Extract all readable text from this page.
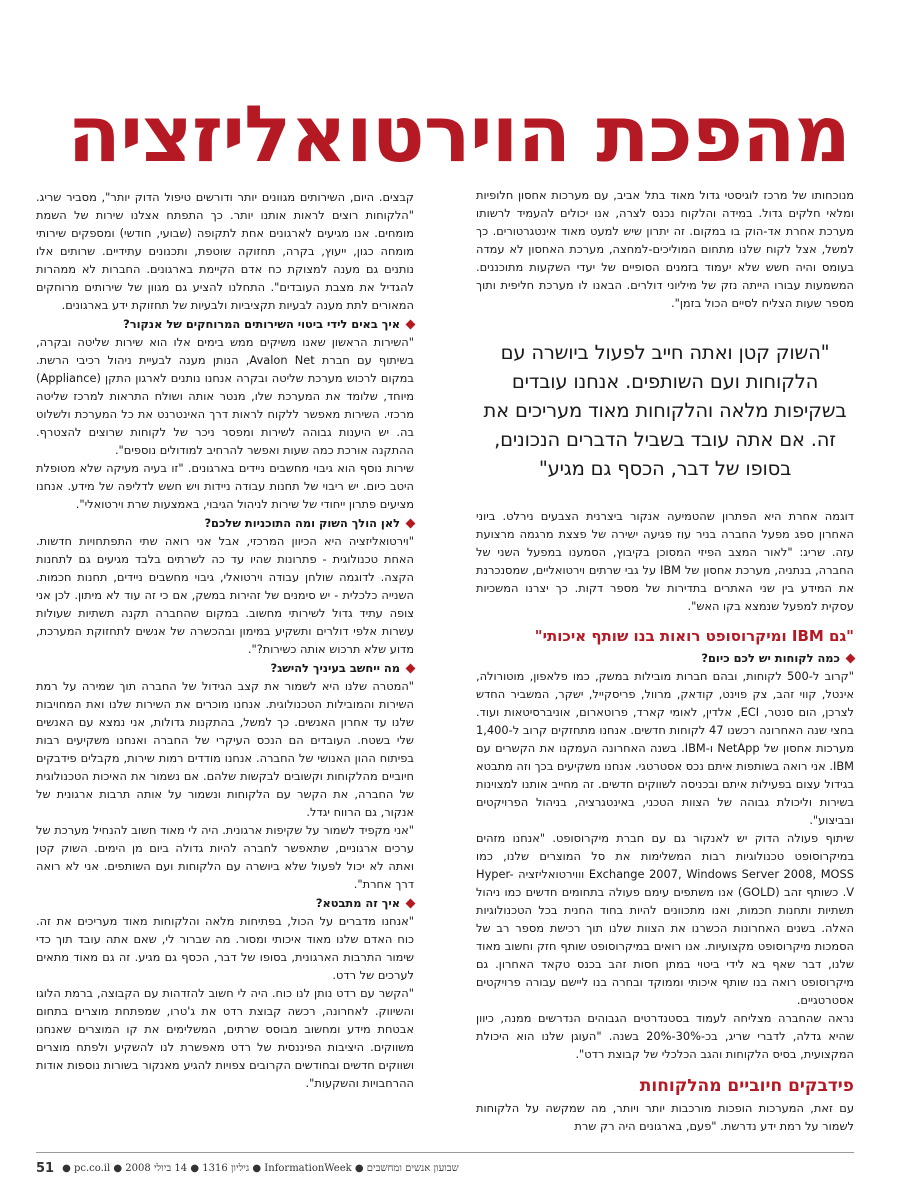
מהפכת הוירטואליזציה

מנוכחותו של מרכז לוגיסטי גדול מאוד בתל אביב, עם מערכות אחסון חלופיות ומלאי חלקים גדול. במידה והלקוח נכנס לצרה, אנו יכולים להעמיד לרשותו מערכת אחרת אד-הוק בו במקום. זה יתרון שיש למעט מאוד אינטגרטורים. כך למשל, אצל לקוח שלנו מתחום המוליכים-למחצה, מערכת האחסון לא עמדה בעומס והיה חשש שלא יעמוד בזמנים הסופיים של יעדי השקעות מתוכננים. המשמעות עבורו הייתה נזק של מיליוני דולרים. הבאנו לו מערכת חליפית ותוך מספר שעות הצליח לסיים הכול בזמן".

"השוק קטן ואתה חייב לפעול ביושרה עם הלקוחות ועם השותפים. אנחנו עובדים בשקיפות מלאה והלקוחות מאוד מעריכים את זה. אם אתה עובד בשביל הדברים הנכונים, בסופו של דבר, הכסף גם מגיע"

דוגמה אחרת היא הפתרון שהטמיעה אנקור ביצרנית הצבעים נירלט. ביוני האחרון ספג מפעל החברה בניר עוז פגיעה ישירה של פצצת מרגמה מרצועת עזה. שריג: "לאור המצב הפיזי המסוכן בקיבוץ, הסמענו במפעל השני של החברה, בנתניה, מערכת אחסון של IBM על גבי שרתים וירטואליים, שמסנכרנת את המידע בין שני האתרים בתדירות של מספר דקות. כך יצרנו המשכיות עסקית למפעל שנמצא בקו האש".

"גם IBM ומיקרוסופט רואות בנו שותף איכותי"
כמה לקוחות יש לכם כיום?

"קרוב ל-500 לקוחות, ובהם חברות מובילות במשק, כמו פלאפון, מוטורולה, אינטל, קווי זהב, צק פוינט, קודאק, מרוול, פריסקייל, ישקר, המשביר החדש לצרכן, הום סנטר, ECI, אלדין, לאומי קארד, פרוטארום, אוניברסיטאות ועוד. בחצי שנה האחרונה רכשנו 47 לקוחות חדשים. אנחנו מתחזקים קרוב ל-1,400 מערכות אחסון של NetApp ו-IBM. בשנה האחרונה העמקנו את הקשרים עם IBM. אני רואה בשותפות איתם נכס אסטרטגי. אנחנו משקיעים בכך וזה מתבטא בגידול עצום בפעילות איתם ובכניסה לשווקים חדשים. זה מחייב אותנו למצוינות בשירות וליכולת גבוהה של הצוות הטכני, באינטגרציה, בניהול הפרויקטים ובביצוע".

שיתוף פעולה הדוק יש לאנקור גם עם חברת מיקרוסופט. "אנחנו מזהים במיקרוסופט טכנולוגיות רבות המשלימות את סל המוצרים שלנו, כמו Exchange 2007, Windows Server 2008, MOSS וווירטואליזציה Hyper-V. כשותף זהב (GOLD) אנו משתפים עימם פעולה בתחומים חדשים כמו ניהול תשתיות ותחנות חכמות, ואנו מתכוונים להיות בחוד החנית בכל הטכנולוגיות האלה. בשנים האחרונות הכשרנו את הצוות שלנו תוך רכישת מספר רב של הסמכות מיקרוסופט מקצועיות. אנו רואים במיקרוסופט שותף חזק וחשוב מאוד שלנו, דבר שאף בא לידי ביטוי במתן חסות זהב בכנס טקאד האחרון. גם מיקרוסופט רואה בנו שותף איכותי וממוקד ובחרה בנו ליישם עבורה פרויקטים אסטרטגיים.

נראה שהחברה מצליחה לעמוד בסטנדרטים הגבוהים הנדרשים ממנה, כיוון שהיא גדלה, לדברי שריג, בכ-30%-20% בשנה. "העוגן שלנו הוא היכולת המקצועית, בסיס הלקוחות והגב הכלכלי של קבוצת רדט".

פידבקים חיוביים מהלקוחות

עם זאת, המערכות הופכות מורכבות יותר ויותר, מה שמקשה על הלקוחות לשמור על רמת ידע נדרשת. "פעם, בארגונים היה רק שרת

קבצים. היום, השירותים מגוונים יותר ודורשים טיפול הדוק יותר", מסביר שריג. "הלקוחות רוצים לראות אותנו יותר. כך התפתח אצלנו שירות של השמת מומחים. אנו מגיעים לארגונים אחת לתקופה (שבועי, חודשי) ומספקים שירותי מומחה כגון, ייעוץ, בקרה, תחזוקה שוטפת, ותכנונים עתידיים. שרותים אלו נותנים גם מענה למצוקת כח אדם הקיימת בארגונים. החברות לא ממהרות להגדיל את מצבת העובדים". התחלנו להציע גם מגוון של שירותים מרוחקים המאורים לתת מענה לבעיות תקציביות ולבעיות של תחזוקת ידע בארגונים.

איך באים לידי ביטוי השירותים המרוחקים של אנקור?

"השירות הראשון שאנו משיקים ממש בימים אלו הוא שירות שליטה ובקרה, בשיתוף עם חברת Avalon Net, הנותן מענה לבעיית ניהול רכיבי הרשת. במקום לרכוש מערכת שליטה ובקרה אנחנו נותנים לארגון התקן (Appliance) מיוחד, שלומד את המערכת שלו, מנטר אותה ושולח התראות למרכז שליטה מרכזי. השירות מאפשר ללקוח לראות דרך האינטרנט את כל המערכת ולשלוט בה. יש היענות גבוהה לשירות ומפסר ניכר של לקוחות שרוצים להצטרף. ההתקנה אורכת כמה שעות ואפשר להרחיב למודולים נוספים".

שירות נוסף הוא גיבוי מחשבים ניידים בארגונים. "זו בעיה מעיקה שלא מטופלת היטב כיום. יש ריבוי של תחנות עבודה ניידות ויש חשש לדליפה של מידע. אנחנו מציעים פתרון ייחודי של שירות לניהול הגיבוי, באמצעות שרת וירטואלי".

לאן הולך השוק ומה התוכניות שלכם?

"וירטואליזציה היא הכיוון המרכזי, אבל אני רואה שתי התפתחויות חדשות. האחת טכנולוגית - פתרונות שהיו עד כה לשרתים בלבד מגיעים גם לתחנות הקצה. לדוגמה שולחן עבודה וירטואלי, גיבוי מחשבים ניידים, תחנות חכמות. השנייה כלכלית - יש סימנים של זהירות במשק, אם כי זה עוד לא מיתון. לכן אני צופה עתיד גדול לשירותי מחשוב. במקום שהחברה תקנה תשתיות שעולות עשרות אלפי דולרים ותשקיע במימון ובהכשרה של אנשים לתחזוקת המערכת, מדוע שלא תרכוש אותה כשירות?".

מה ייחשב בעיניך להישג?

"המטרה שלנו היא לשמור את קצב הגידול של החברה תוך שמירה על רמת השירות והמובילות הטכנולוגית. אנחנו מוכרים את השירות שלנו ואת המחויבות שלנו עד אחרון האנשים. כך למשל, בהתקנות גדולות, אני נמצא עם האנשים שלי בשטח. העובדים הם הנכס העיקרי של החברה ואנחנו משקיעים רבות בפיתוח ההון האנושי של החברה. אנחנו מודדים רמות שירות, מקבלים פידבקים חיוביים מהלקוחות וקשובים לבקשות שלהם. אם נשמור את האיכות הטכנולוגית של החברה, את הקשר עם הלקוחות ונשמור על אותה תרבות ארגונית של אנקור, גם הרווח יגדל.

"אני מקפיד לשמור על שקיפות ארגונית. היה לי מאוד חשוב להנחיל מערכת של ערכים ארגוניים, שתאפשר לחברה להיות גדולה ביום מן הימים. השוק קטן ואתה לא יכול לפעול שלא ביושרה עם הלקוחות ועם השותפים. אני לא רואה דרך אחרת".

איך זה מתבטא?

"אנחנו מדברים על הכול, בפתיחות מלאה והלקוחות מאוד מעריכים את זה. כוח האדם שלנו מאוד איכותי ומסור. מה שברור לי, שאם אתה עובד תוך כדי שימור התרבות הארגונית, בסופו של דבר, הכסף גם מגיע. זה גם מאוד מתאים לערכים של רדט.

"הקשר עם רדט נותן לנו כוח. היה לי חשוב להזדהות עם הקבוצה, ברמת הלוגו והשיווק. לאחרונה, רכשה קבוצת רדט את ג'טרו, שמפתחת מוצרים בתחום אבטחת מידע ומחשוב מבוסס שרתים, המשלימים את קו המוצרים שאנחנו משווקים. היציבות הפיננסית של רדט מאפשרת לנו להשקיע ולפתח מוצרים ושווקים חדשים ובחודשים הקרובים צפויות להגיע מאנקור בשורות נוספות אודות ההרחבויות והשקעות".

51 שבועון אנשים ומחשבים ● InformationWeek ● גיליון 1316 ● 14 ביולי 2008 ● pc.co.il ●
